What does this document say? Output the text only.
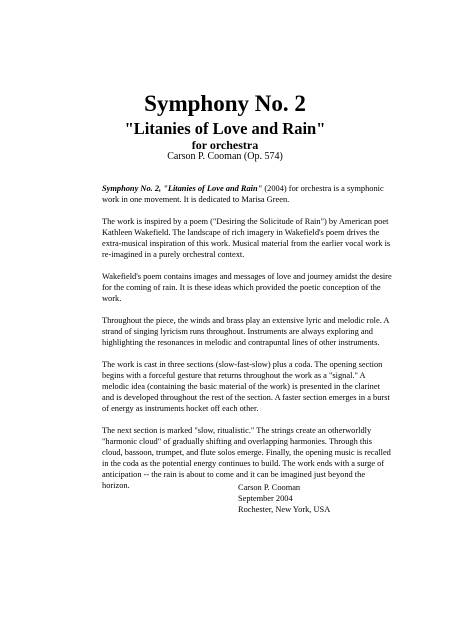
Symphony No. 2
"Litanies of Love and Rain"
for orchestra
Carson P. Cooman (Op. 574)

Symphony No. 2, "Litanies of Love and Rain" (2004) for orchestra is a symphonic work in one movement. It is dedicated to Marisa Green.

The work is inspired by a poem ("Desiring the Solicitude of Rain") by American poet Kathleen Wakefield. The landscape of rich imagery in Wakefield's poem drives the extra-musical inspiration of this work. Musical material from the earlier vocal work is re-imagined in a purely orchestral context.

Wakefield's poem contains images and messages of love and journey amidst the desire for the coming of rain. It is these ideas which provided the poetic conception of the work.

Throughout the piece, the winds and brass play an extensive lyric and melodic role. A strand of singing lyricism runs throughout. Instruments are always exploring and highlighting the resonances in melodic and contrapuntal lines of other instruments.

The work is cast in three sections (slow-fast-slow) plus a coda. The opening section begins with a forceful gesture that returns throughout the work as a "signal." A melodic idea (containing the basic material of the work) is presented in the clarinet and is developed throughout the rest of the section. A faster section emerges in a burst of energy as instruments hocket off each other.

The next section is marked "slow, ritualistic." The strings create an otherworldly "harmonic cloud" of gradually shifting and overlapping harmonies. Through this cloud, bassoon, trumpet, and flute solos emerge. Finally, the opening music is recalled in the coda as the potential energy continues to build. The work ends with a surge of anticipation -- the rain is about to come and it can be imagined just beyond the horizon.	Carson P. Cooman
September 2004
Rochester, New York, USA
